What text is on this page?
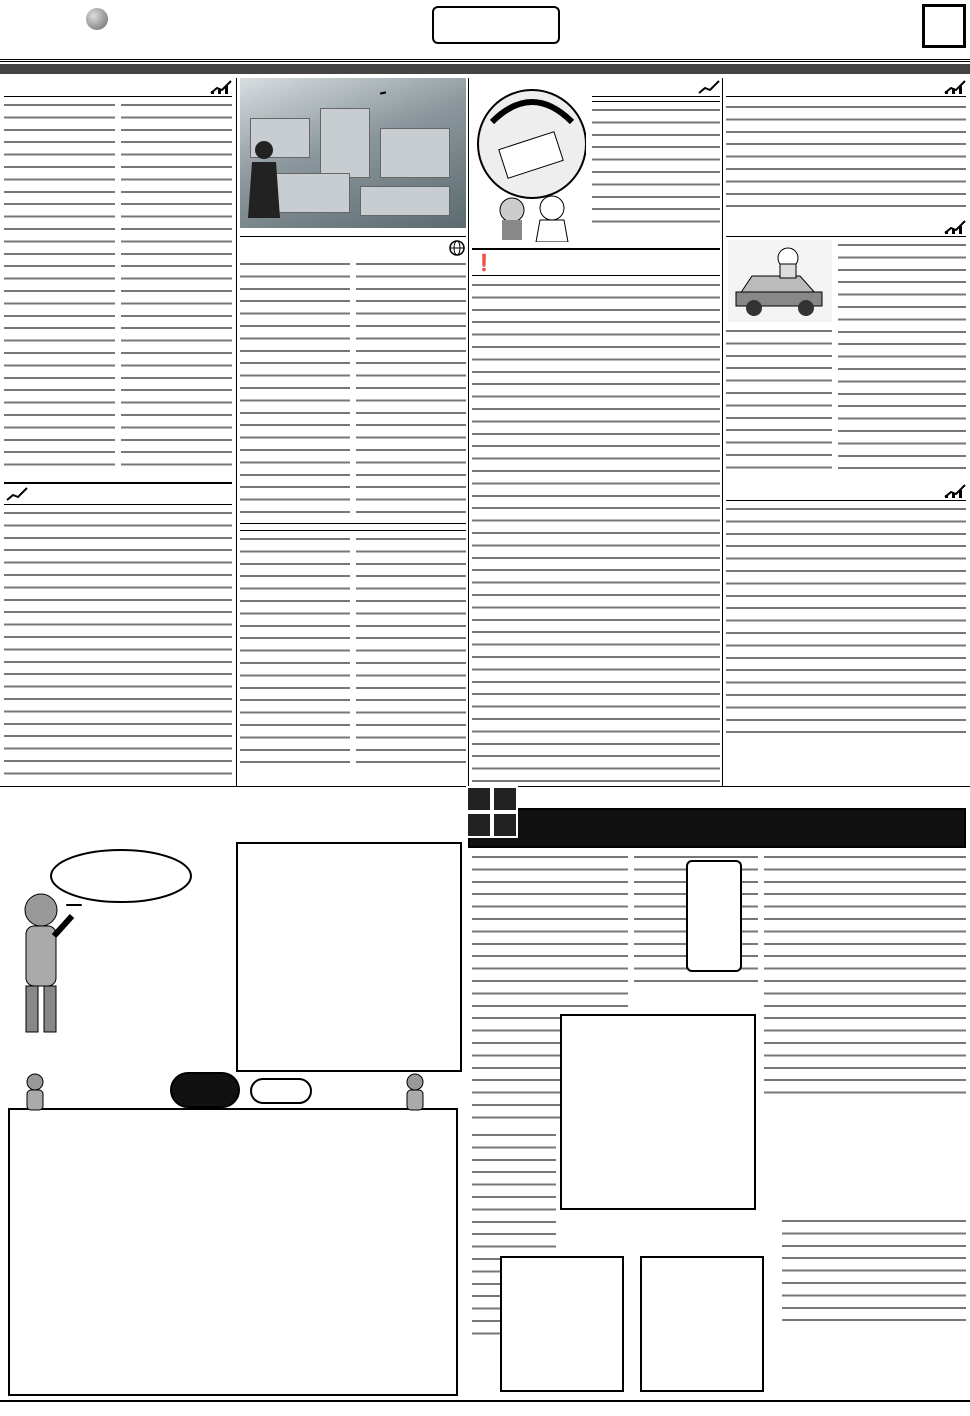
❗
